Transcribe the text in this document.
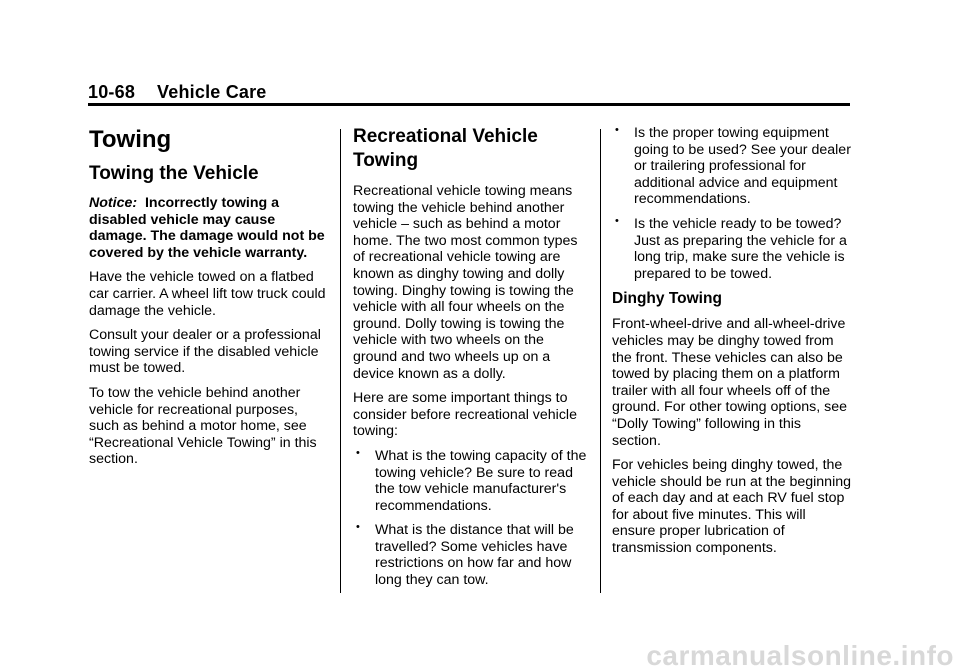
10-68 Vehicle Care
Towing
Towing the Vehicle

Notice: Incorrectly towing a disabled vehicle may cause damage. The damage would not be covered by the vehicle warranty.

Have the vehicle towed on a flatbed car carrier. A wheel lift tow truck could damage the vehicle.

Consult your dealer or a professional towing service if the disabled vehicle must be towed.

To tow the vehicle behind another vehicle for recreational purposes, such as behind a motor home, see “Recreational Vehicle Towing” in this section.

Recreational Vehicle
Towing

Recreational vehicle towing means towing the vehicle behind another vehicle – such as behind a motor home. The two most common types of recreational vehicle towing are known as dinghy towing and dolly towing. Dinghy towing is towing the vehicle with all four wheels on the ground. Dolly towing is towing the vehicle with two wheels on the ground and two wheels up on a device known as a dolly.

Here are some important things to consider before recreational vehicle towing:

• What is the towing capacity of the towing vehicle? Be sure to read the tow vehicle manufacturer's recommendations.
• What is the distance that will be travelled? Some vehicles have restrictions on how far and how long they can tow.
• Is the proper towing equipment going to be used? See your dealer or trailering professional for additional advice and equipment recommendations.
• Is the vehicle ready to be towed? Just as preparing the vehicle for a long trip, make sure the vehicle is prepared to be towed.
Dinghy Towing

Front-wheel-drive and all-wheel-drive vehicles may be dinghy towed from the front. These vehicles can also be towed by placing them on a platform trailer with all four wheels off of the ground. For other towing options, see “Dolly Towing” following in this section.

For vehicles being dinghy towed, the vehicle should be run at the beginning of each day and at each RV fuel stop for about five minutes. This will ensure proper lubrication of transmission components.

carmanualsonline.info
